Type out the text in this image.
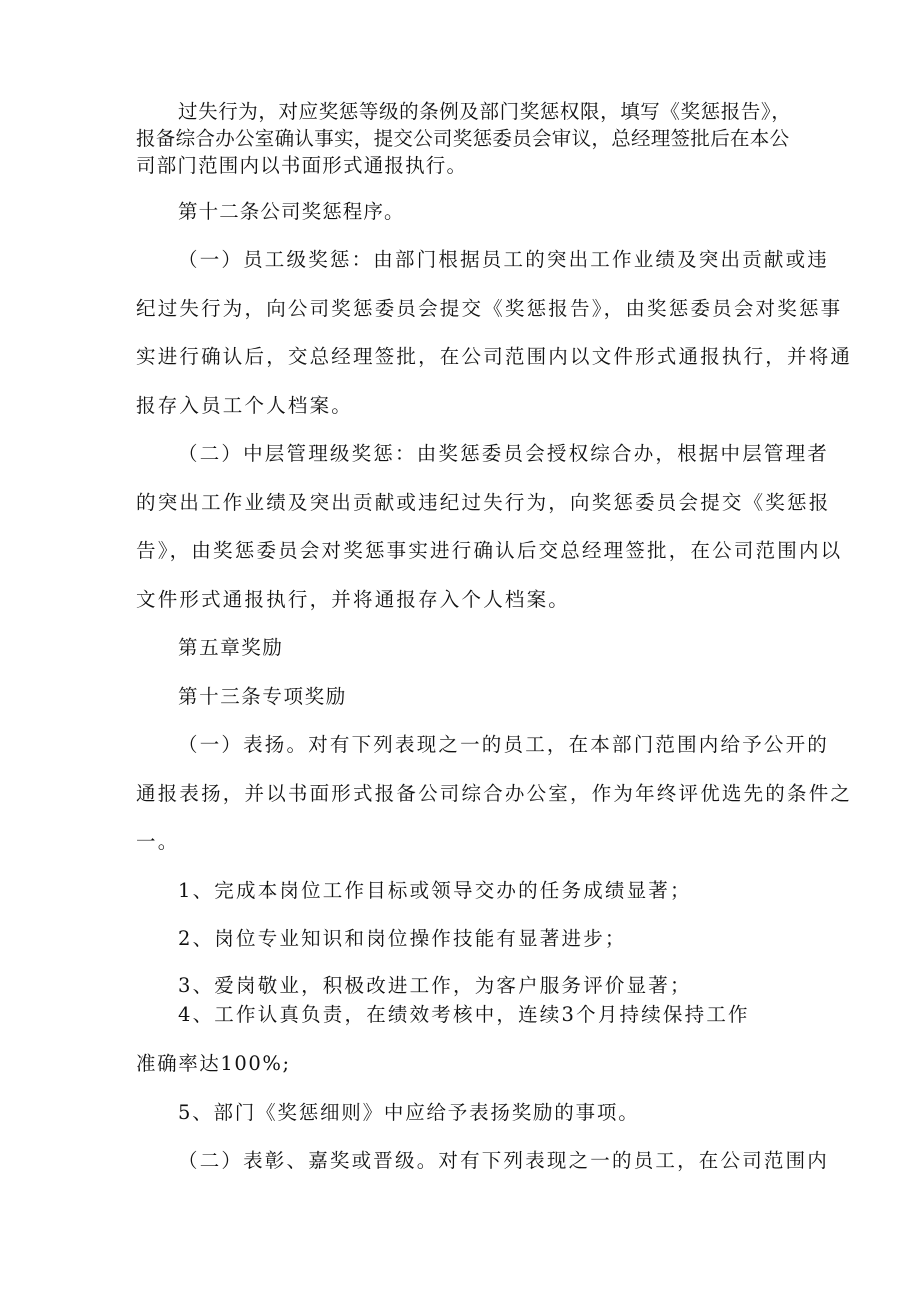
过失行为，对应奖惩等级的条例及部门奖惩权限，填写《奖惩报告》，
报备综合办公室确认事实，提交公司奖惩委员会审议，总经理签批后在本公
司部门范围内以书面形式通报执行。
第十二条公司奖惩程序。
（一）员工级奖惩：由部门根据员工的突出工作业绩及突出贡献或违
纪过失行为，向公司奖惩委员会提交《奖惩报告》，由奖惩委员会对奖惩事
实进行确认后，交总经理签批，在公司范围内以文件形式通报执行，并将通
报存入员工个人档案。
（二）中层管理级奖惩：由奖惩委员会授权综合办，根据中层管理者
的突出工作业绩及突出贡献或违纪过失行为，向奖惩委员会提交《奖惩报
告》，由奖惩委员会对奖惩事实进行确认后交总经理签批，在公司范围内以
文件形式通报执行，并将通报存入个人档案。
第五章奖励
第十三条专项奖励
（一）表扬。对有下列表现之一的员工，在本部门范围内给予公开的
通报表扬，并以书面形式报备公司综合办公室，作为年终评优选先的条件之
一。
1、完成本岗位工作目标或领导交办的任务成绩显著；
2、岗位专业知识和岗位操作技能有显著进步；
3、爱岗敬业，积极改进工作，为客户服务评价显著；
4、工作认真负责，在绩效考核中，连续3个月持续保持工作
准确率达100%;
5、部门《奖惩细则》中应给予表扬奖励的事项。
（二）表彰、嘉奖或晋级。对有下列表现之一的员工，在公司范围内
